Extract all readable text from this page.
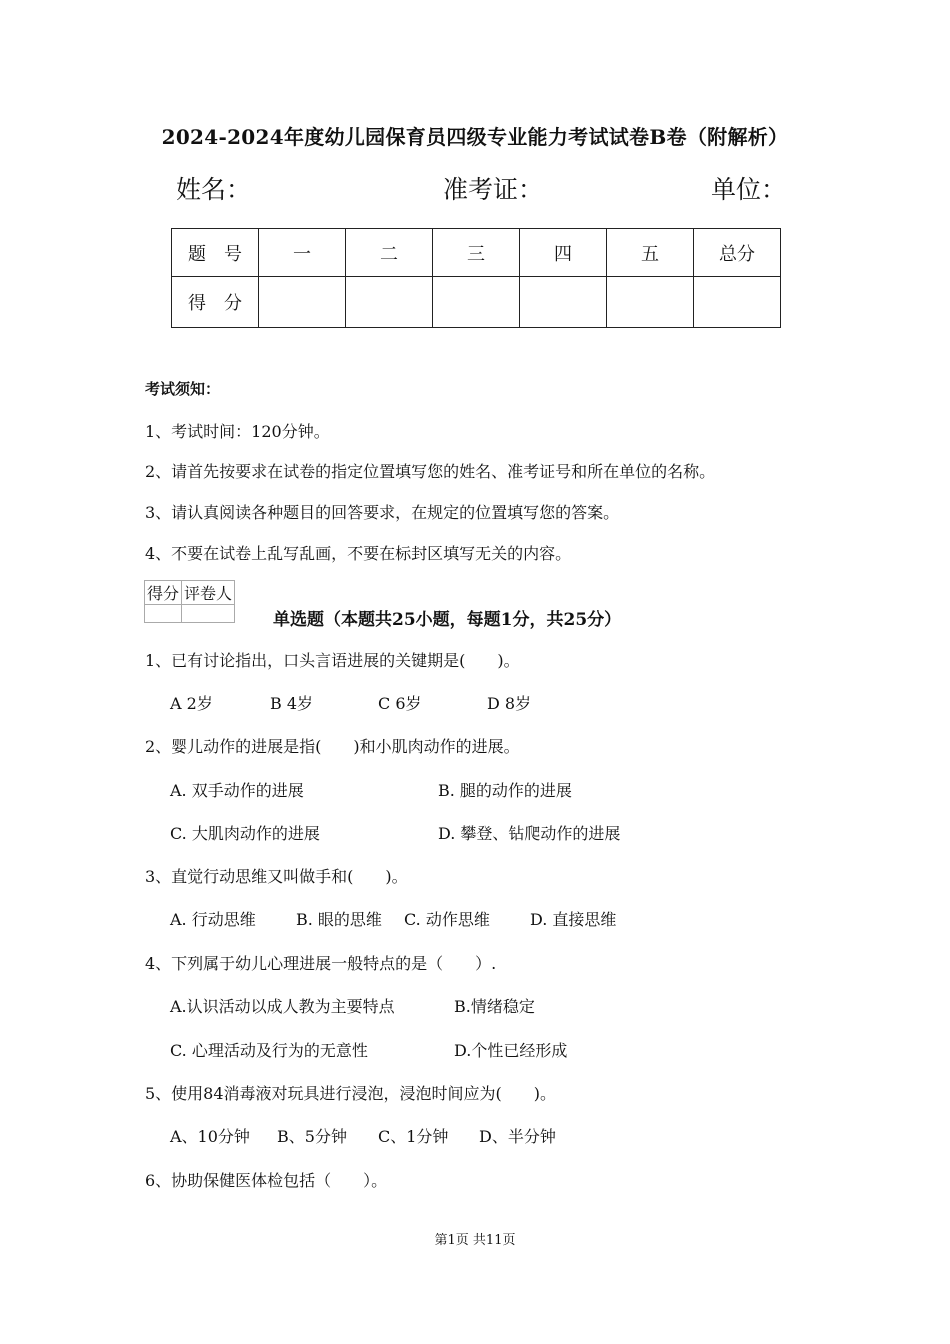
2024-2024年度幼儿园保育员四级专业能力考试试卷B卷（附解析）
姓名：	准考证：	单位：
题　号	一	二	三	四	五	总分
得　分						
考试须知：
1、考试时间：120分钟。
2、请首先按要求在试卷的指定位置填写您的姓名、准考证号和所在单位的名称。
3、请认真阅读各种题目的回答要求，在规定的位置填写您的答案。
4、不要在试卷上乱写乱画，不要在标封区填写无关的内容。
得分	评卷人

单选题（本题共25小题，每题1分，共25分）
1、已有讨论指出，口头言语进展的关键期是(　　)。
A 2岁	B 4岁	C 6岁	D 8岁
2、婴儿动作的进展是指(　　)和小肌肉动作的进展。
A. 双手动作的进展	B. 腿的动作的进展
C. 大肌肉动作的进展	D. 攀登、钻爬动作的进展
3、直觉行动思维又叫做手和(　　)。
A. 行动思维	B. 眼的思维 C. 动作思维	D. 直接思维
4、下列属于幼儿心理进展一般特点的是（　　）.
A.认识活动以成人教为主要特点	B.情绪稳定
C. 心理活动及行为的无意性	D.个性已经形成
5、使用84消毒液对玩具进行浸泡，浸泡时间应为(　　)。
A、10分钟 B、5分钟 C、1分钟 D、半分钟
6、协助保健医体检包括（　　）。
第1页 共11页
